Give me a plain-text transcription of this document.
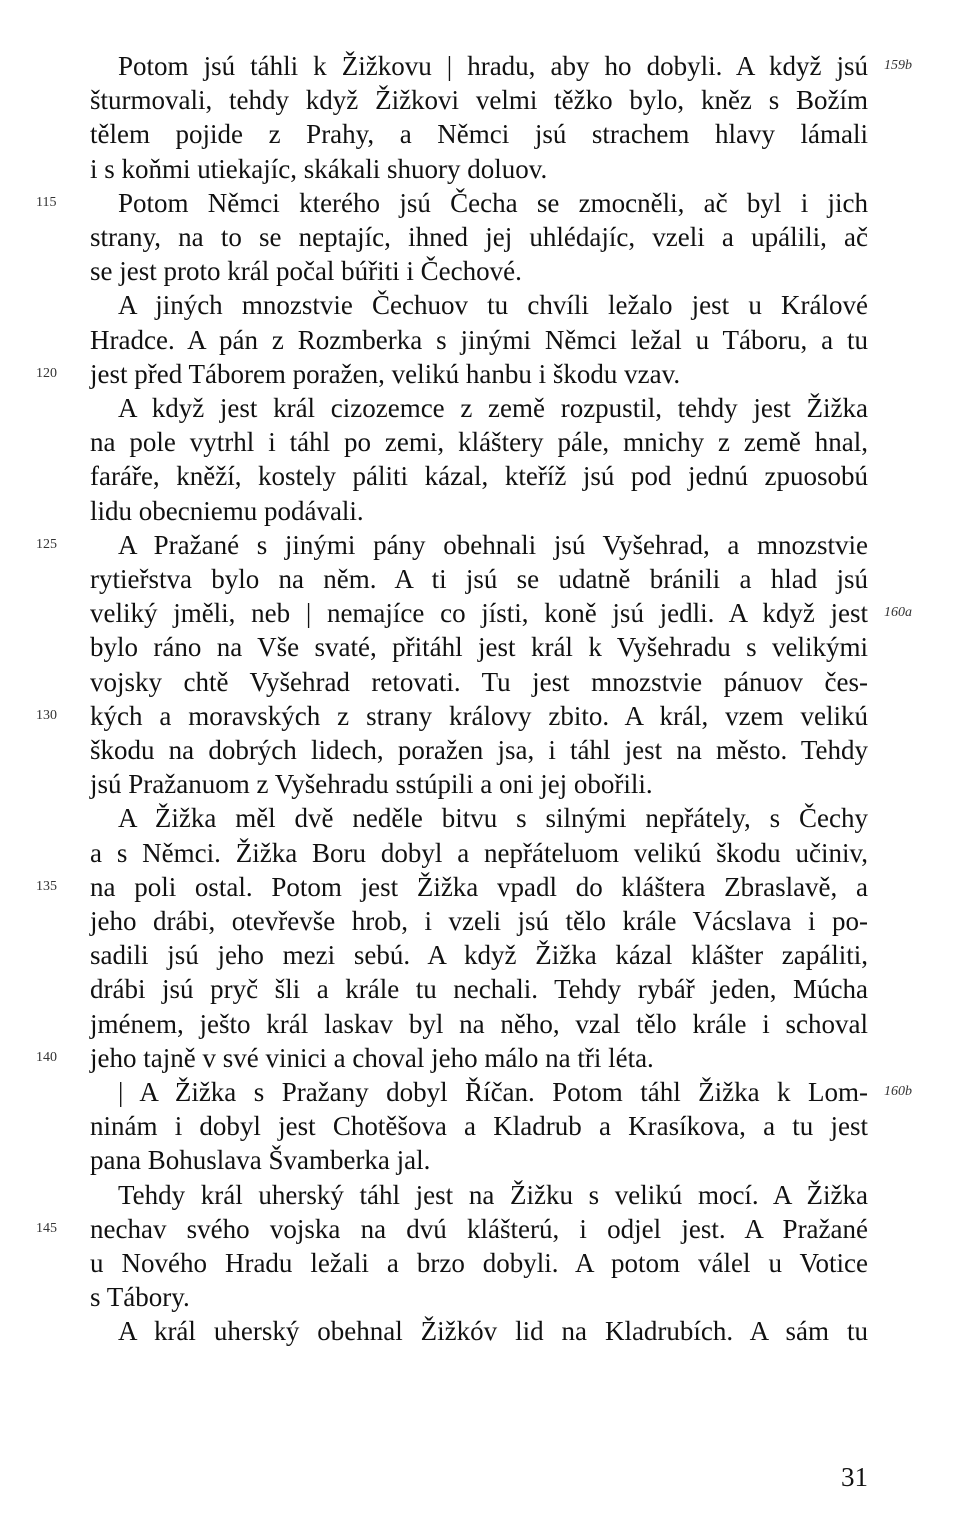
Potom jsú táhli k Žižkovu | hradu, aby ho dobyli. A když jsú 159b
šturmovali, tehdy když Žižkovi velmi těžko bylo, kněz s Božím
tělem pojide z Prahy, a Němci jsú strachem hlavy lámali
i s koňmi utiekajíc, skákali shuory doluov.
Potom Němci kterého jsú Čecha se zmocněli, ač byl i jich
115
strany, na to se neptajíc, ihned jej uhlédajíc, vzeli a upálili, ač
se jest proto král počal búřiti i Čechové.
A jiných mnozstvie Čechuov tu chvíli ležalo jest u Králové
Hradce. A pán z Rozmberka s jinými Němci ležal u Táboru, a tu
jest před Táborem poražen, velikú hanbu i škodu vzav.
120
A když jest král cizozemce z země rozpustil, tehdy jest Žižka
na pole vytrhl i táhl po zemi, kláštery pále, mnichy z země hnal,
faráře, kněží, kostely páliti kázal, kteříž jsú pod jednú zpuosobú
lidu obecniemu podávali.
A Pražané s jinými pány obehnali jsú Vyšehrad, a mnozstvie
125
rytieřstva bylo na něm. A ti jsú se udatně bránili a hlad jsú
veliký jměli, neb | nemajíce co jísti, koně jsú jedli. A když jest 160a
bylo ráno na Vše svaté, přitáhl jest král k Vyšehradu s velikými
vojsky chtě Vyšehrad retovati. Tu jest mnozstvie pánuov čes-
kých a moravských z strany královy zbito. A král, vzem velikú
130
škodu na dobrých lidech, poražen jsa, i táhl jest na město. Tehdy
jsú Pražanuom z Vyšehradu sstúpili a oni jej obořili.
A Žižka měl dvě neděle bitvu s silnými nepřátely, s Čechy
a s Němci. Žižka Boru dobyl a nepřáteluom velikú škodu učiniv,
na poli ostal. Potom jest Žižka vpadl do kláštera Zbraslavě, a
135
jeho drábi, otevřevše hrob, i vzeli jsú tělo krále Vácslava i po-
sadili jsú jeho mezi sebú. A když Žižka kázal klášter zapáliti,
drábi jsú pryč šli a krále tu nechali. Tehdy rybář jeden, Múcha
jménem, ješto král laskav byl na něho, vzal tělo krále i schoval
jeho tajně v své vinici a choval jeho málo na tři léta.
140
| A Žižka s Pražany dobyl Říčan. Potom táhl Žižka k Lom- 160b
ninám i dobyl jest Chotěšova a Kladrub a Krasíkova, a tu jest
pana Bohuslava Švamberka jal.
Tehdy král uherský táhl jest na Žižku s velikú mocí. A Žižka
nechav svého vojska na dvú klášterú, i odjel jest. A Pražané
145
u Nového Hradu ležali a brzo dobyli. A potom válel u Votice
s Tábory.
A král uherský obehnal Žižkóv lid na Kladrubích. A sám tu
31
